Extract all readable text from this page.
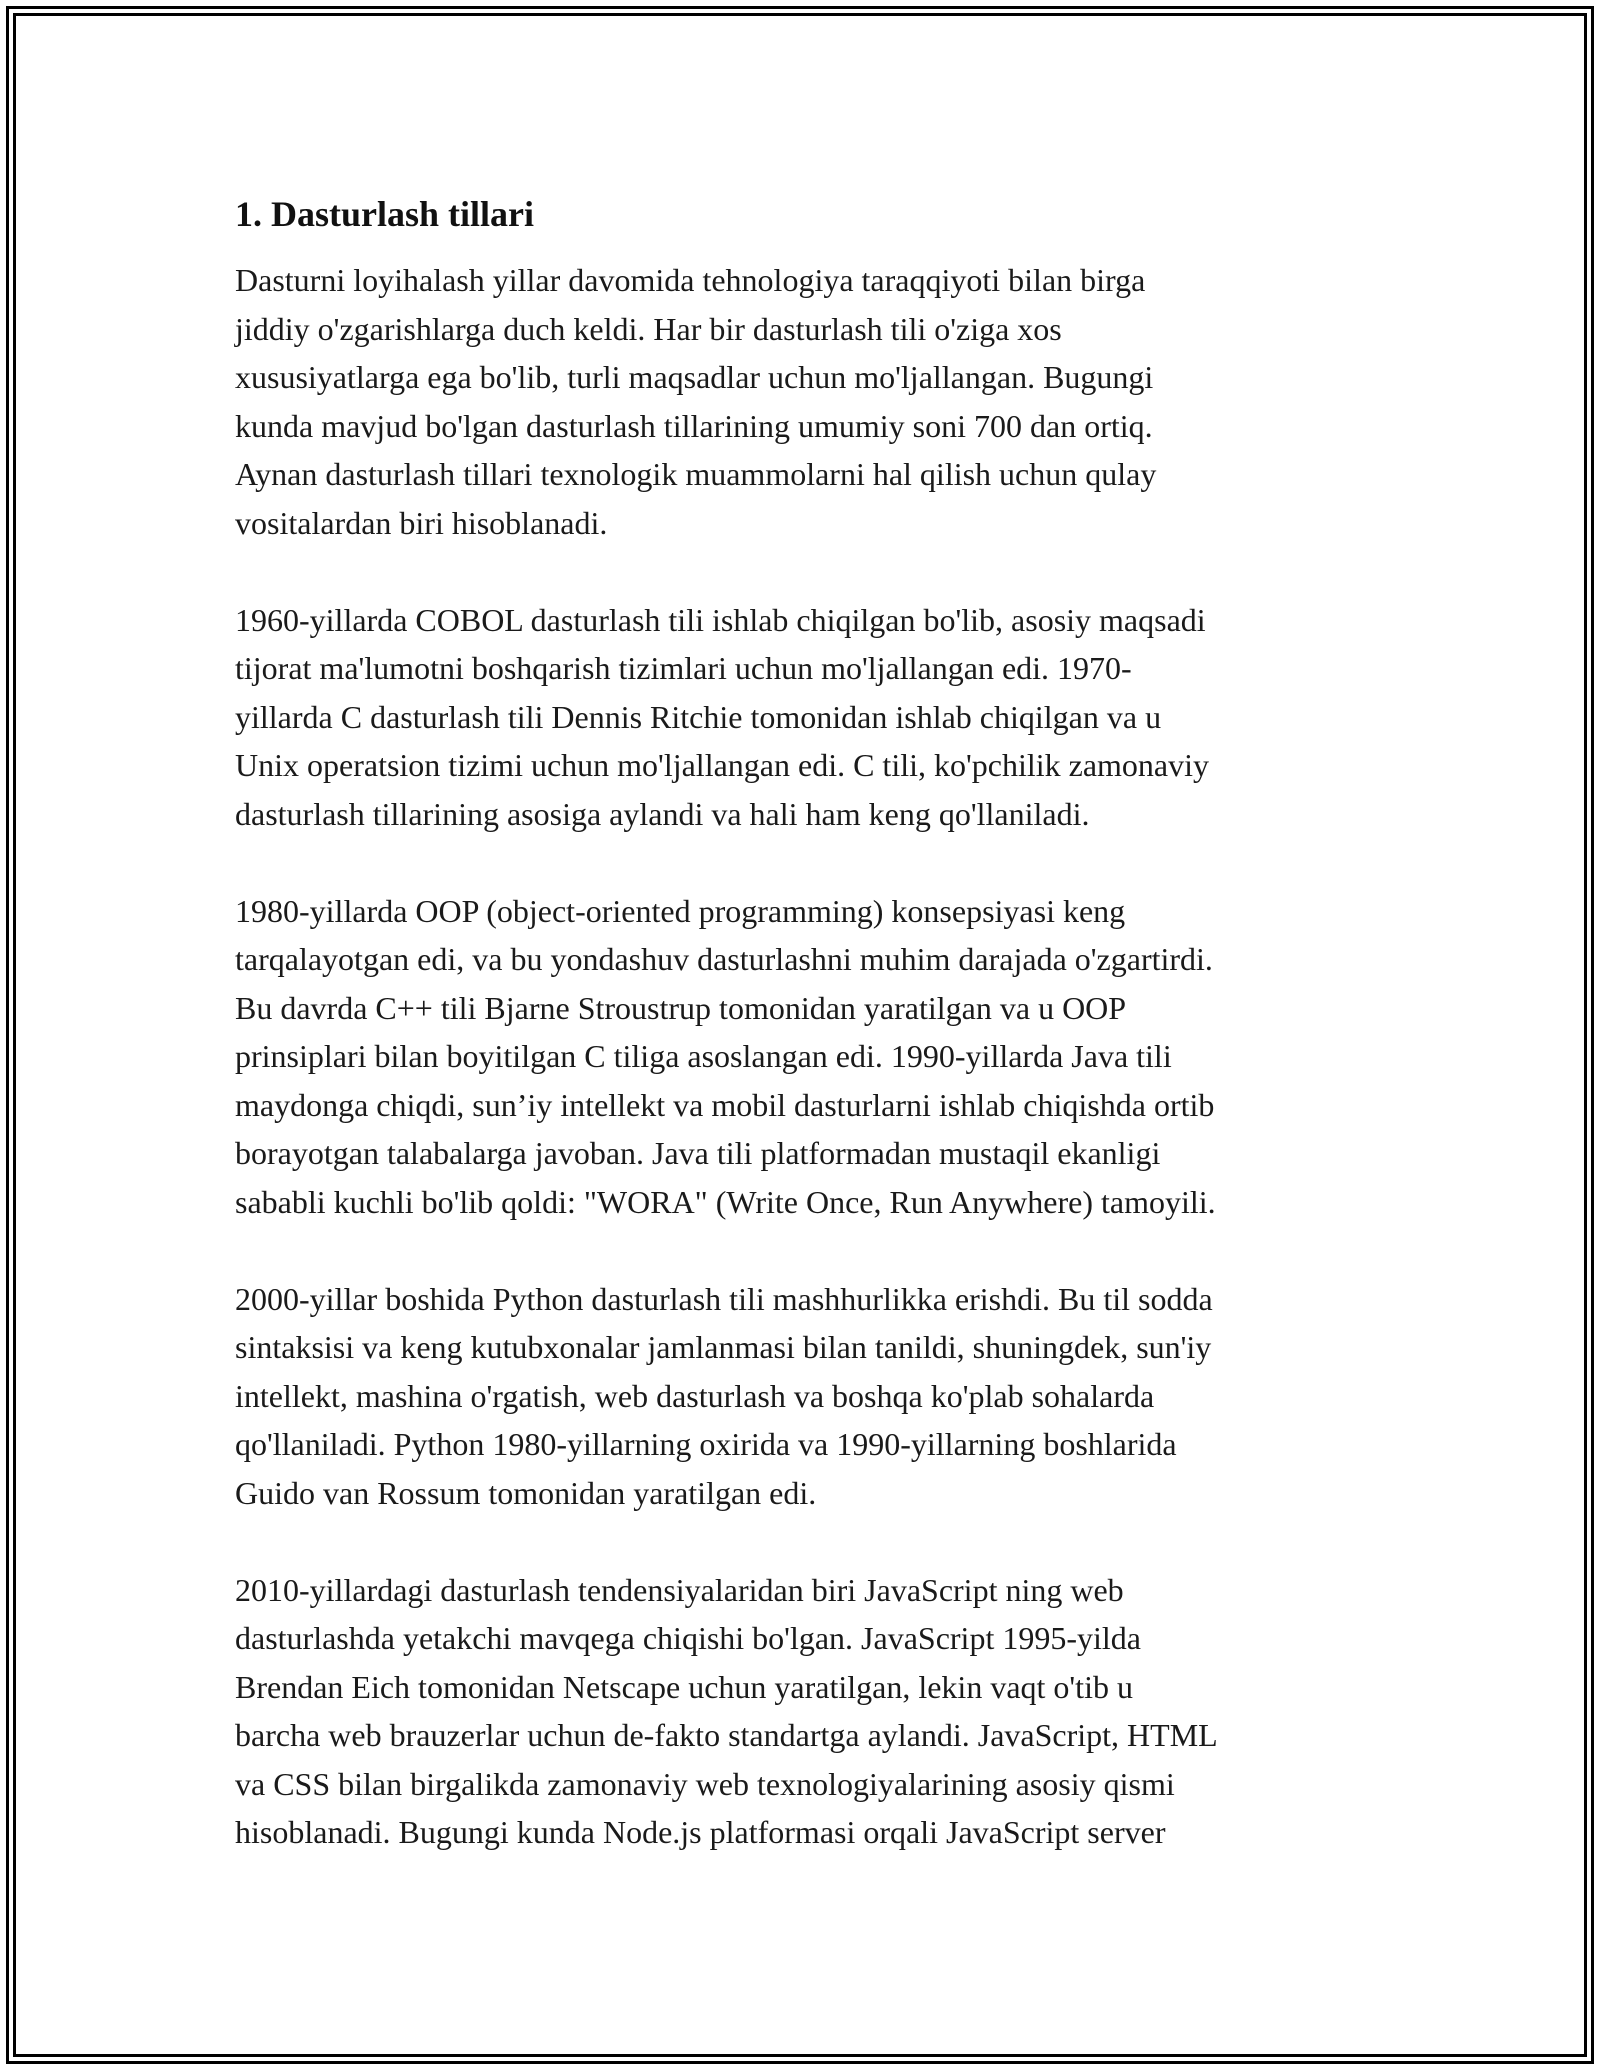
1. Dasturlash tillari

Dasturni loyihalash yillar davomida tehnologiya taraqqiyoti bilan birga
jiddiy o'zgarishlarga duch keldi. Har bir dasturlash tili o'ziga xos
xususiyatlarga ega bo'lib, turli maqsadlar uchun mo'ljallangan. Bugungi
kunda mavjud bo'lgan dasturlash tillarining umumiy soni 700 dan ortiq.
Aynan dasturlash tillari texnologik muammolarni hal qilish uchun qulay
vositalardan biri hisoblanadi.

1960-yillarda COBOL dasturlash tili ishlab chiqilgan bo'lib, asosiy maqsadi
tijorat ma'lumotni boshqarish tizimlari uchun mo'ljallangan edi. 1970-
yillarda C dasturlash tili Dennis Ritchie tomonidan ishlab chiqilgan va u
Unix operatsion tizimi uchun mo'ljallangan edi. C tili, ko'pchilik zamonaviy
dasturlash tillarining asosiga aylandi va hali ham keng qo'llaniladi.

1980-yillarda OOP (object-oriented programming) konsepsiyasi keng
tarqalayotgan edi, va bu yondashuv dasturlashni muhim darajada o'zgartirdi.
Bu davrda C++ tili Bjarne Stroustrup tomonidan yaratilgan va u OOP
prinsiplari bilan boyitilgan C tiliga asoslangan edi. 1990-yillarda Java tili
maydonga chiqdi, sun’iy intellekt va mobil dasturlarni ishlab chiqishda ortib
borayotgan talabalarga javoban. Java tili platformadan mustaqil ekanligi
sababli kuchli bo'lib qoldi: "WORA" (Write Once, Run Anywhere) tamoyili.

2000-yillar boshida Python dasturlash tili mashhurlikka erishdi. Bu til sodda
sintaksisi va keng kutubxonalar jamlanmasi bilan tanildi, shuningdek, sun'iy
intellekt, mashina o'rgatish, web dasturlash va boshqa ko'plab sohalarda
qo'llaniladi. Python 1980-yillarning oxirida va 1990-yillarning boshlarida
Guido van Rossum tomonidan yaratilgan edi.

2010-yillardagi dasturlash tendensiyalaridan biri JavaScript ning web
dasturlashda yetakchi mavqega chiqishi bo'lgan. JavaScript 1995-yilda
Brendan Eich tomonidan Netscape uchun yaratilgan, lekin vaqt o'tib u
barcha web brauzerlar uchun de-fakto standartga aylandi. JavaScript, HTML
va CSS bilan birgalikda zamonaviy web texnologiyalarining asosiy qismi
hisoblanadi. Bugungi kunda Node.js platformasi orqali JavaScript server
